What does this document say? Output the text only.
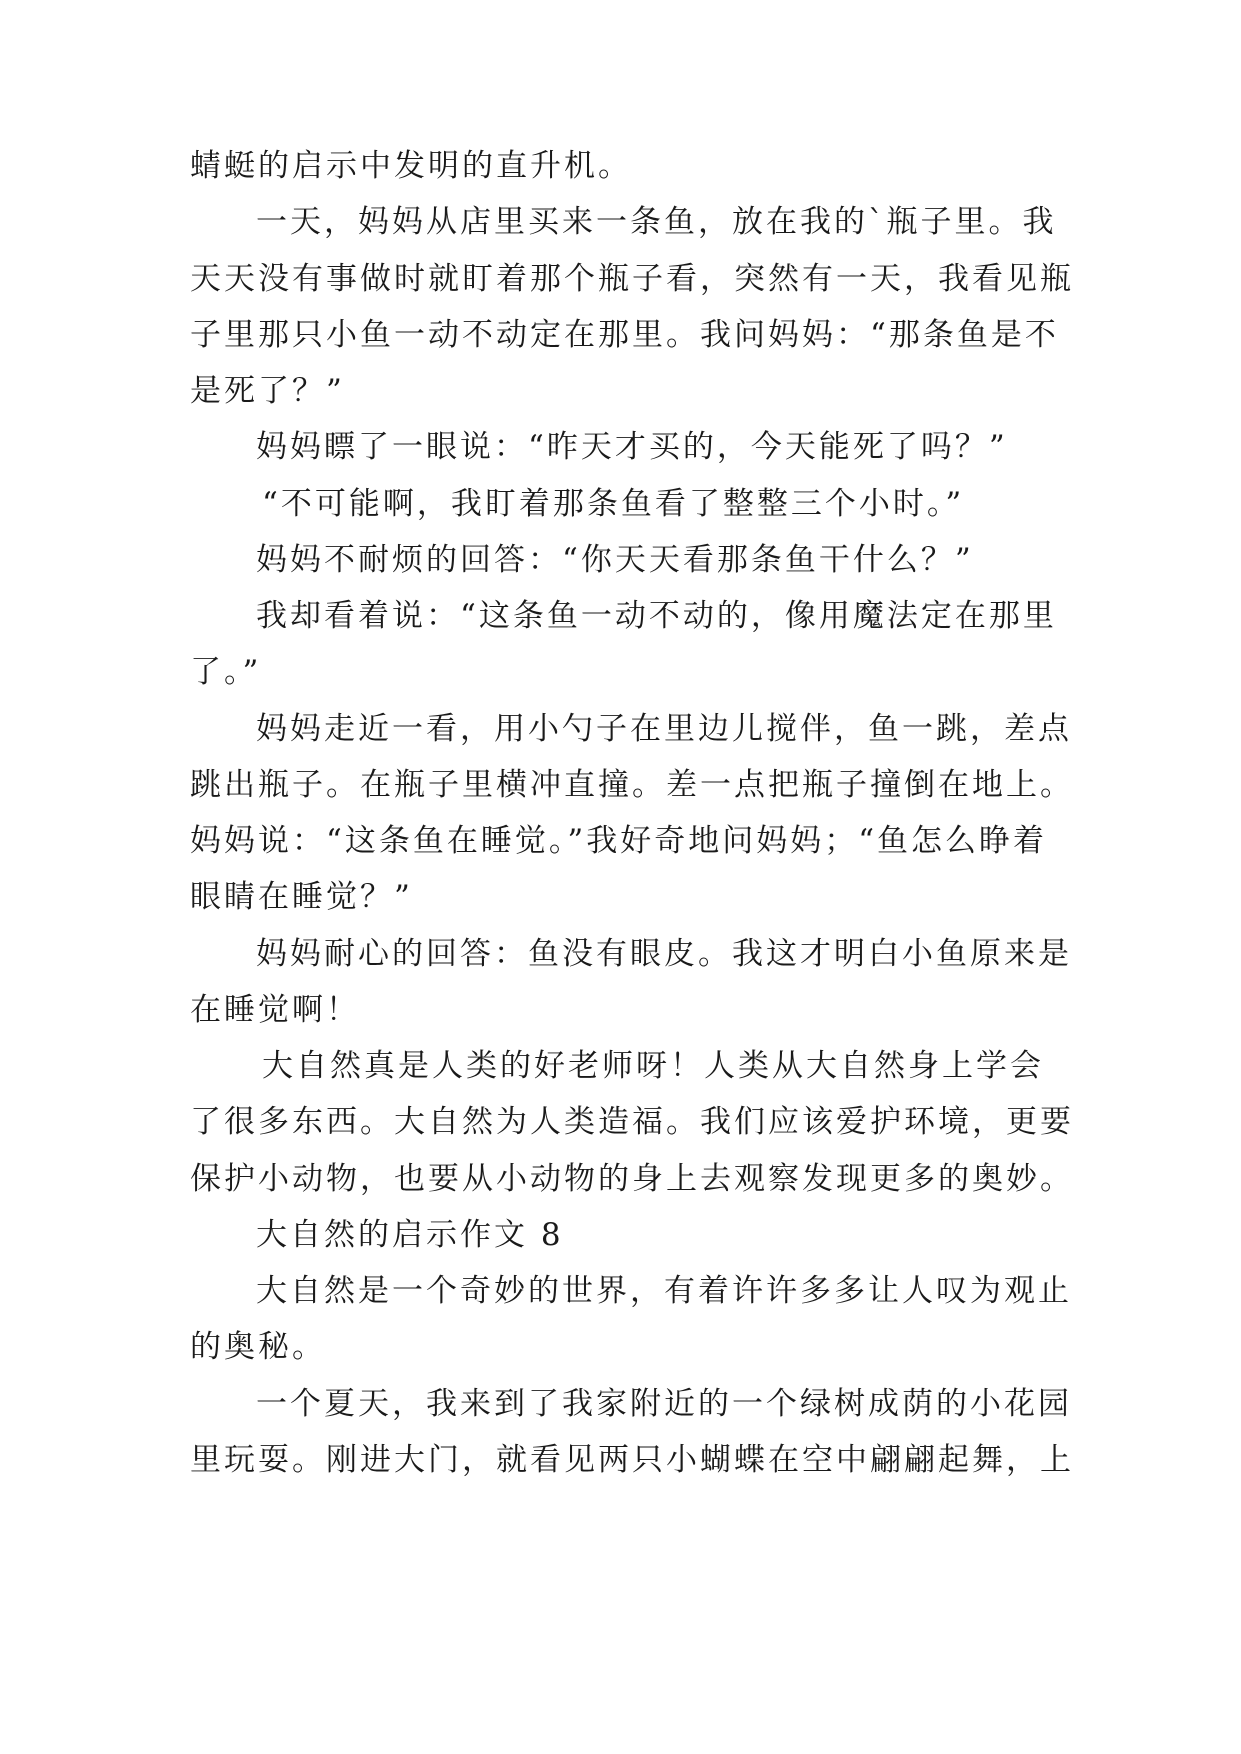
蜻蜓的启示中发明的直升机。
一天，妈妈从店里买来一条鱼，放在我的`瓶子里。我
天天没有事做时就盯着那个瓶子看，突然有一天，我看见瓶
子里那只小鱼一动不动定在那里。我问妈妈：“那条鱼是不
是死了？”
妈妈瞟了一眼说：“昨天才买的，今天能死了吗？”
“不可能啊，我盯着那条鱼看了整整三个小时。”
妈妈不耐烦的回答：“你天天看那条鱼干什么？”
我却看着说：“这条鱼一动不动的，像用魔法定在那里
了。”
妈妈走近一看，用小勺子在里边儿搅伴，鱼一跳，差点
跳出瓶子。在瓶子里横冲直撞。差一点把瓶子撞倒在地上。
妈妈说：“这条鱼在睡觉。”我好奇地问妈妈；“鱼怎么睁着
眼睛在睡觉？”
妈妈耐心的回答：鱼没有眼皮。我这才明白小鱼原来是
在睡觉啊！
大自然真是人类的好老师呀！人类从大自然身上学会
了很多东西。大自然为人类造福。我们应该爱护环境，更要
保护小动物，也要从小动物的身上去观察发现更多的奥妙。
大自然的启示作文 8
大自然是一个奇妙的世界，有着许许多多让人叹为观止
的奥秘。
一个夏天，我来到了我家附近的一个绿树成荫的小花园
里玩耍。刚进大门，就看见两只小蝴蝶在空中翩翩起舞，上
